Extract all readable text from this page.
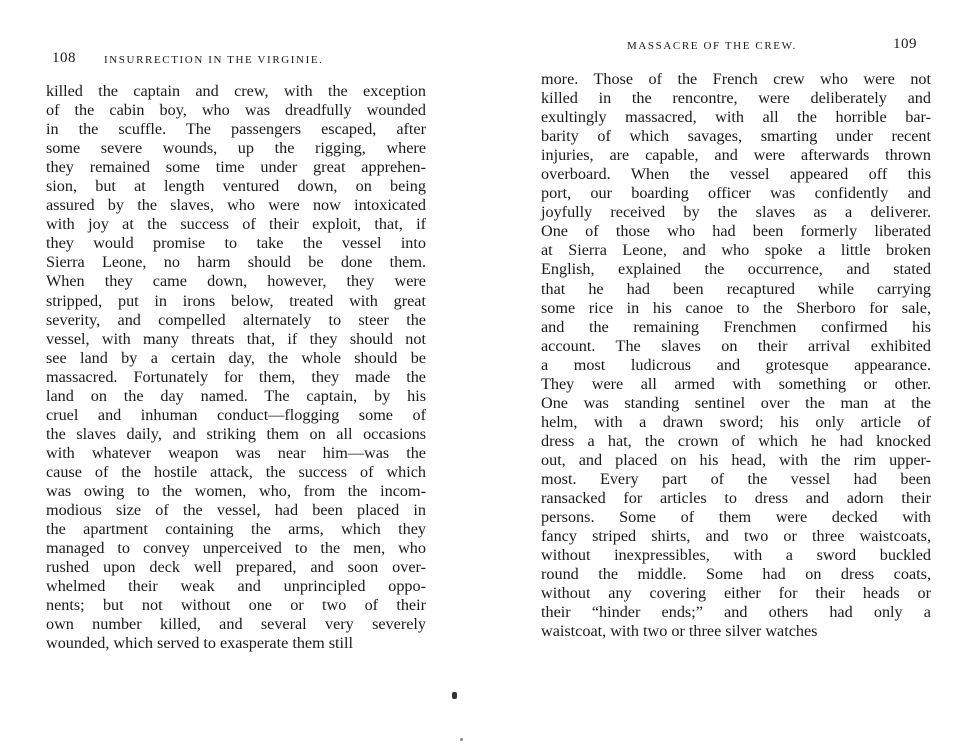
108	INSURRECTION IN THE VIRGINIE.
killed the captain and crew, with the exception
of the cabin boy, who was dreadfully wounded
in the scuffle. The passengers escaped, after
some severe wounds, up the rigging, where
they remained some time under great apprehen-
sion, but at length ventured down, on being
assured by the slaves, who were now intoxicated
with joy at the success of their exploit, that, if
they would promise to take the vessel into
Sierra Leone, no harm should be done them.
When they came down, however, they were
stripped, put in irons below, treated with great
severity, and compelled alternately to steer the
vessel, with many threats that, if they should not
see land by a certain day, the whole should be
massacred. Fortunately for them, they made the
land on the day named. The captain, by his
cruel and inhuman conduct—flogging some of
the slaves daily, and striking them on all occasions
with whatever weapon was near him—was the
cause of the hostile attack, the success of which
was owing to the women, who, from the incom-
modious size of the vessel, had been placed in
the apartment containing the arms, which they
managed to convey unperceived to the men, who
rushed upon deck well prepared, and soon over-
whelmed their weak and unprincipled oppo-
nents; but not without one or two of their
own number killed, and several very severely
wounded, which served to exasperate them still
MASSACRE OF THE CREW.	109
more. Those of the French crew who were not
killed in the rencontre, were deliberately and
exultingly massacred, with all the horrible bar-
barity of which savages, smarting under recent
injuries, are capable, and were afterwards thrown
overboard. When the vessel appeared off this
port, our boarding officer was confidently and
joyfully received by the slaves as a deliverer.
One of those who had been formerly liberated
at Sierra Leone, and who spoke a little broken
English, explained the occurrence, and stated
that he had been recaptured while carrying
some rice in his canoe to the Sherboro for sale,
and the remaining Frenchmen confirmed his
account. The slaves on their arrival exhibited
a most ludicrous and grotesque appearance.
They were all armed with something or other.
One was standing sentinel over the man at the
helm, with a drawn sword; his only article of
dress a hat, the crown of which he had knocked
out, and placed on his head, with the rim upper-
most. Every part of the vessel had been
ransacked for articles to dress and adorn their
persons. Some of them were decked with
fancy striped shirts, and two or three waistcoats,
without inexpressibles, with a sword buckled
round the middle. Some had on dress coats,
without any covering either for their heads or
their “hinder ends;” and others had only a
waistcoat, with two or three silver watches
